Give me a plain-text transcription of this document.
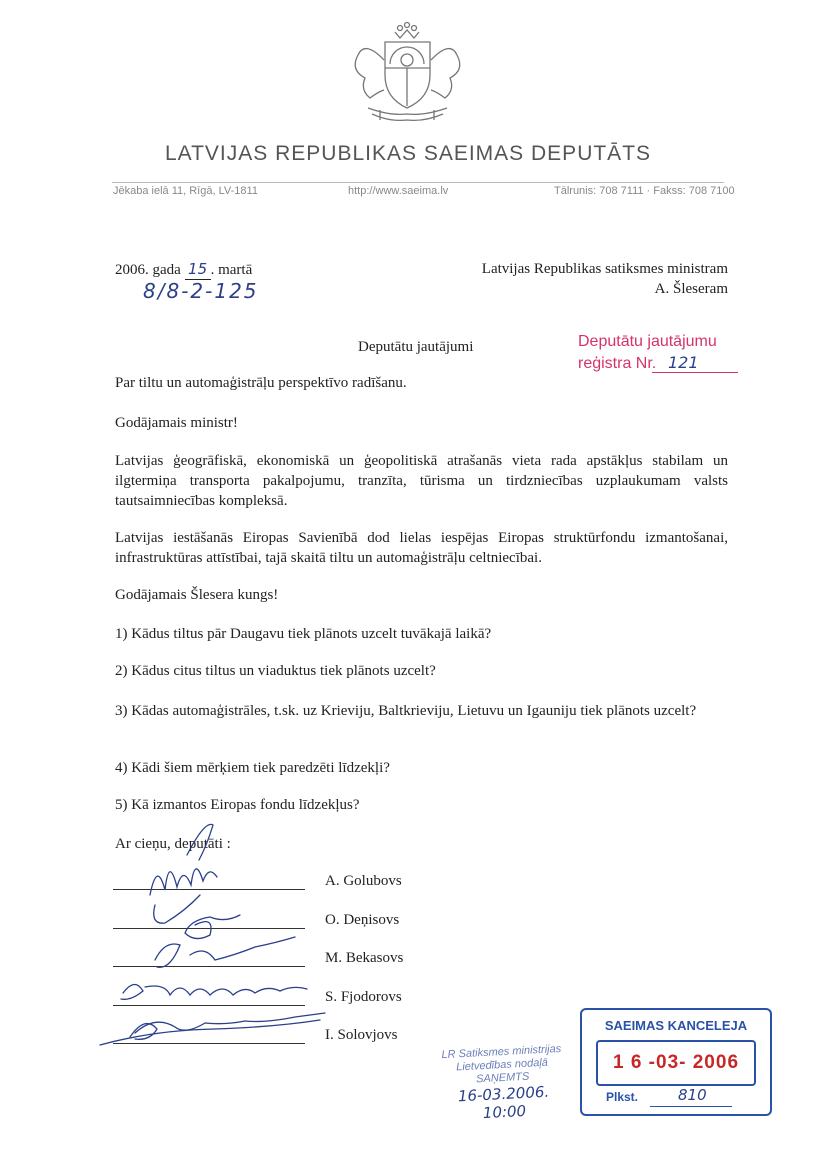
LATVIJAS REPUBLIKAS SAEIMAS DEPUTĀTS
Jēkaba ielā 11, Rīgā, LV-1811	http://www.saeima.lv	Tālrunis: 708 7111 · Fakss: 708 7100
2006. gada 15 . martā
8/8-2-125
Latvijas Republikas satiksmes ministram
A. Šleseram
Deputātu jautājumi	Deputātu jautājumu
reģistra Nr. 121
Par tiltu un automaģistrāļu perspektīvo radīšanu.
Godājamais ministr!
Latvijas ģeogrāfiskā, ekonomiskā un ģeopolitiskā atrašanās vieta rada apstākļus stabilam un ilgtermiņa transporta pakalpojumu, tranzīta, tūrisma un tirdzniecības uzplaukumam valsts tautsaimniecības kompleksā.
Latvijas iestāšanās Eiropas Savienībā dod lielas iespējas Eiropas struktūrfondu izmantošanai, infrastruktūras attīstībai, tajā skaitā tiltu un automaģistrāļu celtniecībai.
Godājamais Šlesera kungs!
1) Kādus tiltus pār Daugavu tiek plānots uzcelt tuvākajā laikā?
2) Kādus citus tiltus un viaduktus tiek plānots uzcelt?
3) Kādas automaģistrāles, t.sk. uz Krieviju, Baltkrieviju, Lietuvu un Igauniju tiek plānots uzcelt?
4) Kādi šiem mērķiem tiek paredzēti līdzekļi?
5) Kā izmantos Eiropas fondu līdzekļus?
Ar cieņu, deputāti :
A. Golubovs
O. Deņisovs
M. Bekasovs
S. Fjodorovs
I. Solovjovs
LR Satiksmes ministrijas
Lietvedības nodaļā
SAŅEMTS
16-03.2006.
10:00
SAEIMAS KANCELEJA
1 6 -03- 2006
Plkst.	810
